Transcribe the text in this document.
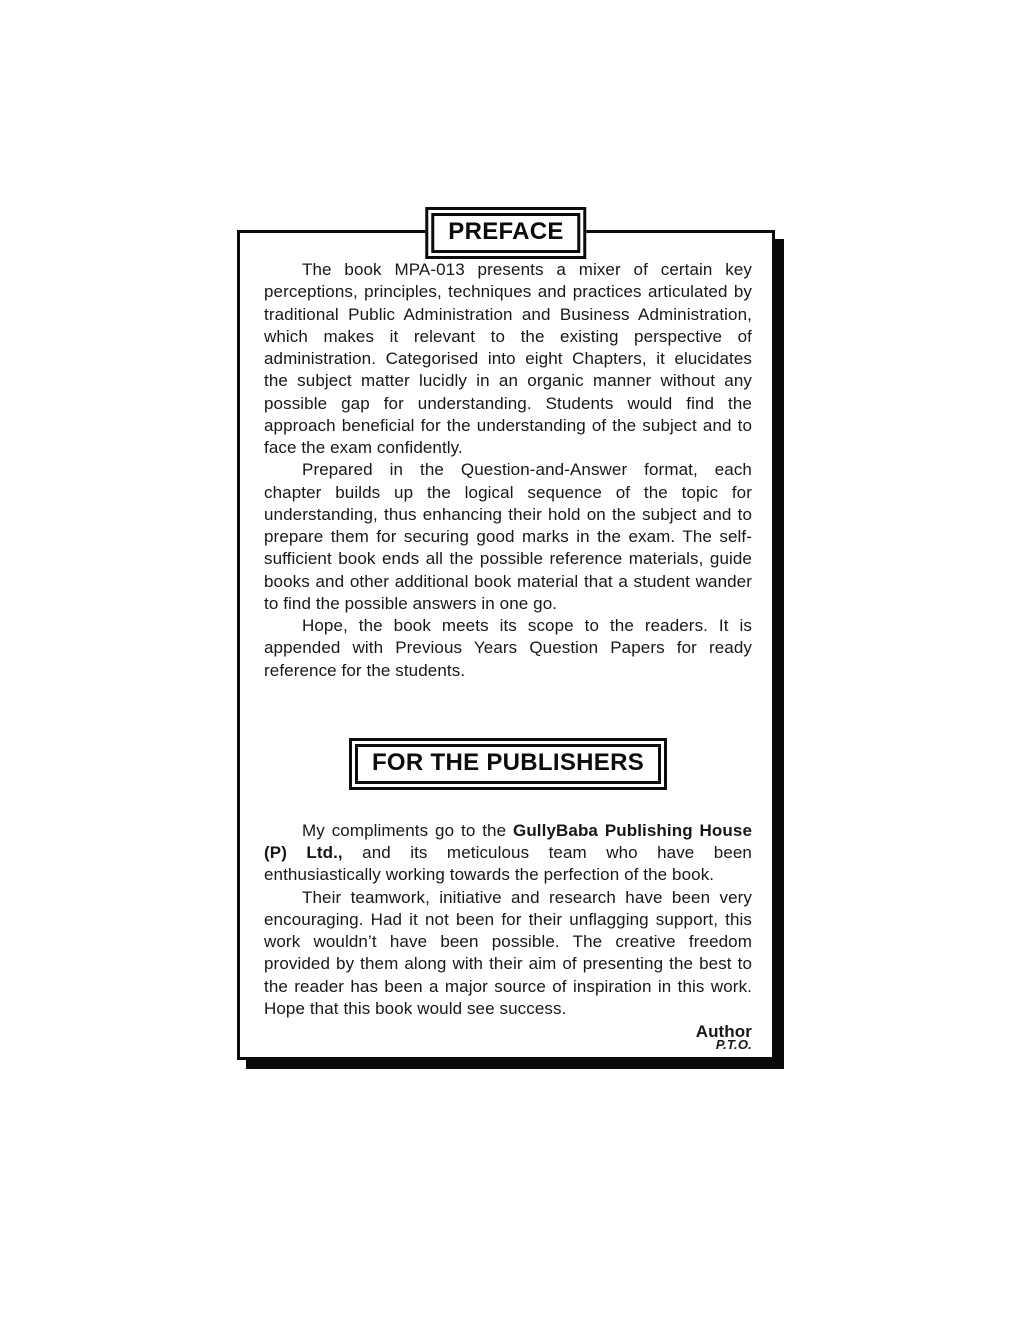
PREFACE

The book MPA-013 presents a mixer of certain key perceptions, principles, techniques and practices articulated by traditional Public Administration and Business Administration, which makes it relevant to the existing perspective of administration. Categorised into eight Chapters, it elucidates the subject matter lucidly in an organic manner without any possible gap for understanding. Students would find the approach beneficial for the understanding of the subject and to face the exam confidently.

Prepared in the Question-and-Answer format, each chapter builds up the logical sequence of the topic for understanding, thus enhancing their hold on the subject and to prepare them for securing good marks in the exam. The self-sufficient book ends all the possible reference materials, guide books and other additional book material that a student wander to find the possible answers in one go.

Hope, the book meets its scope to the readers. It is appended with Previous Years Question Papers for ready reference for the students.

FOR THE PUBLISHERS

My compliments go to the GullyBaba Publishing House (P) Ltd., and its meticulous team who have been enthusiastically working towards the perfection of the book.

Their teamwork, initiative and research have been very encouraging. Had it not been for their unflagging support, this work wouldn’t have been possible. The creative freedom provided by them along with their aim of presenting the best to the reader has been a major source of inspiration in this work. Hope that this book would see success.

Author

P.T.O.
